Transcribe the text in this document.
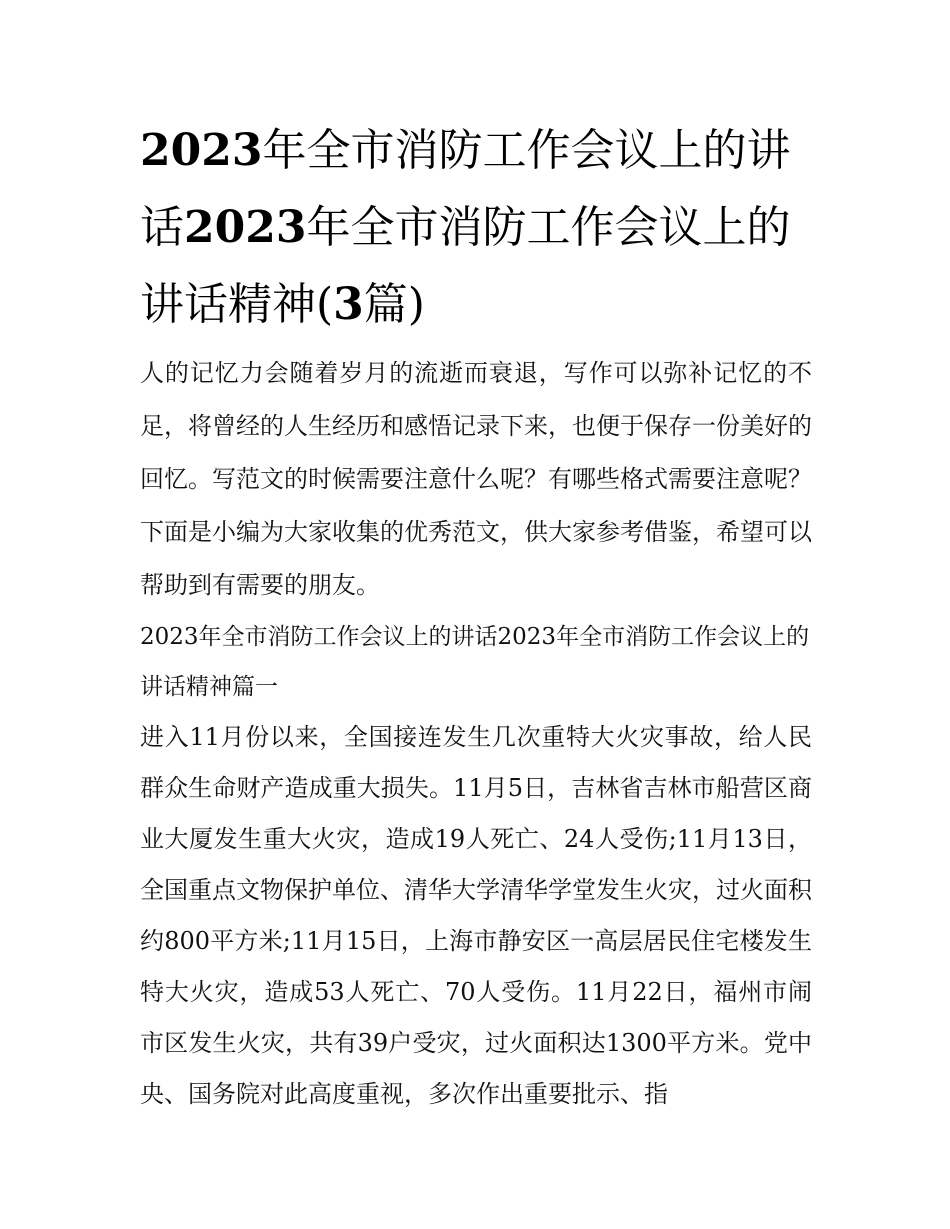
2023年全市消防工作会议上的讲话2023年全市消防工作会议上的讲话精神(3篇)

人的记忆力会随着岁月的流逝而衰退，写作可以弥补记忆的不足，将曾经的人生经历和感悟记录下来，也便于保存一份美好的回忆。写范文的时候需要注意什么呢？有哪些格式需要注意呢？下面是小编为大家收集的优秀范文，供大家参考借鉴，希望可以帮助到有需要的朋友。

2023年全市消防工作会议上的讲话2023年全市消防工作会议上的讲话精神篇一

进入11月份以来，全国接连发生几次重特大火灾事故，给人民群众生命财产造成重大损失。11月5日，吉林省吉林市船营区商业大厦发生重大火灾，造成19人死亡、24人受伤;11月13日，全国重点文物保护单位、清华大学清华学堂发生火灾，过火面积约800平方米;11月15日，上海市静安区一高层居民住宅楼发生特大火灾，造成53人死亡、70人受伤。11月22日，福州市闹市区发生火灾，共有39户受灾，过火面积达1300平方米。党中央、国务院对此高度重视，多次作出重要批示、指
